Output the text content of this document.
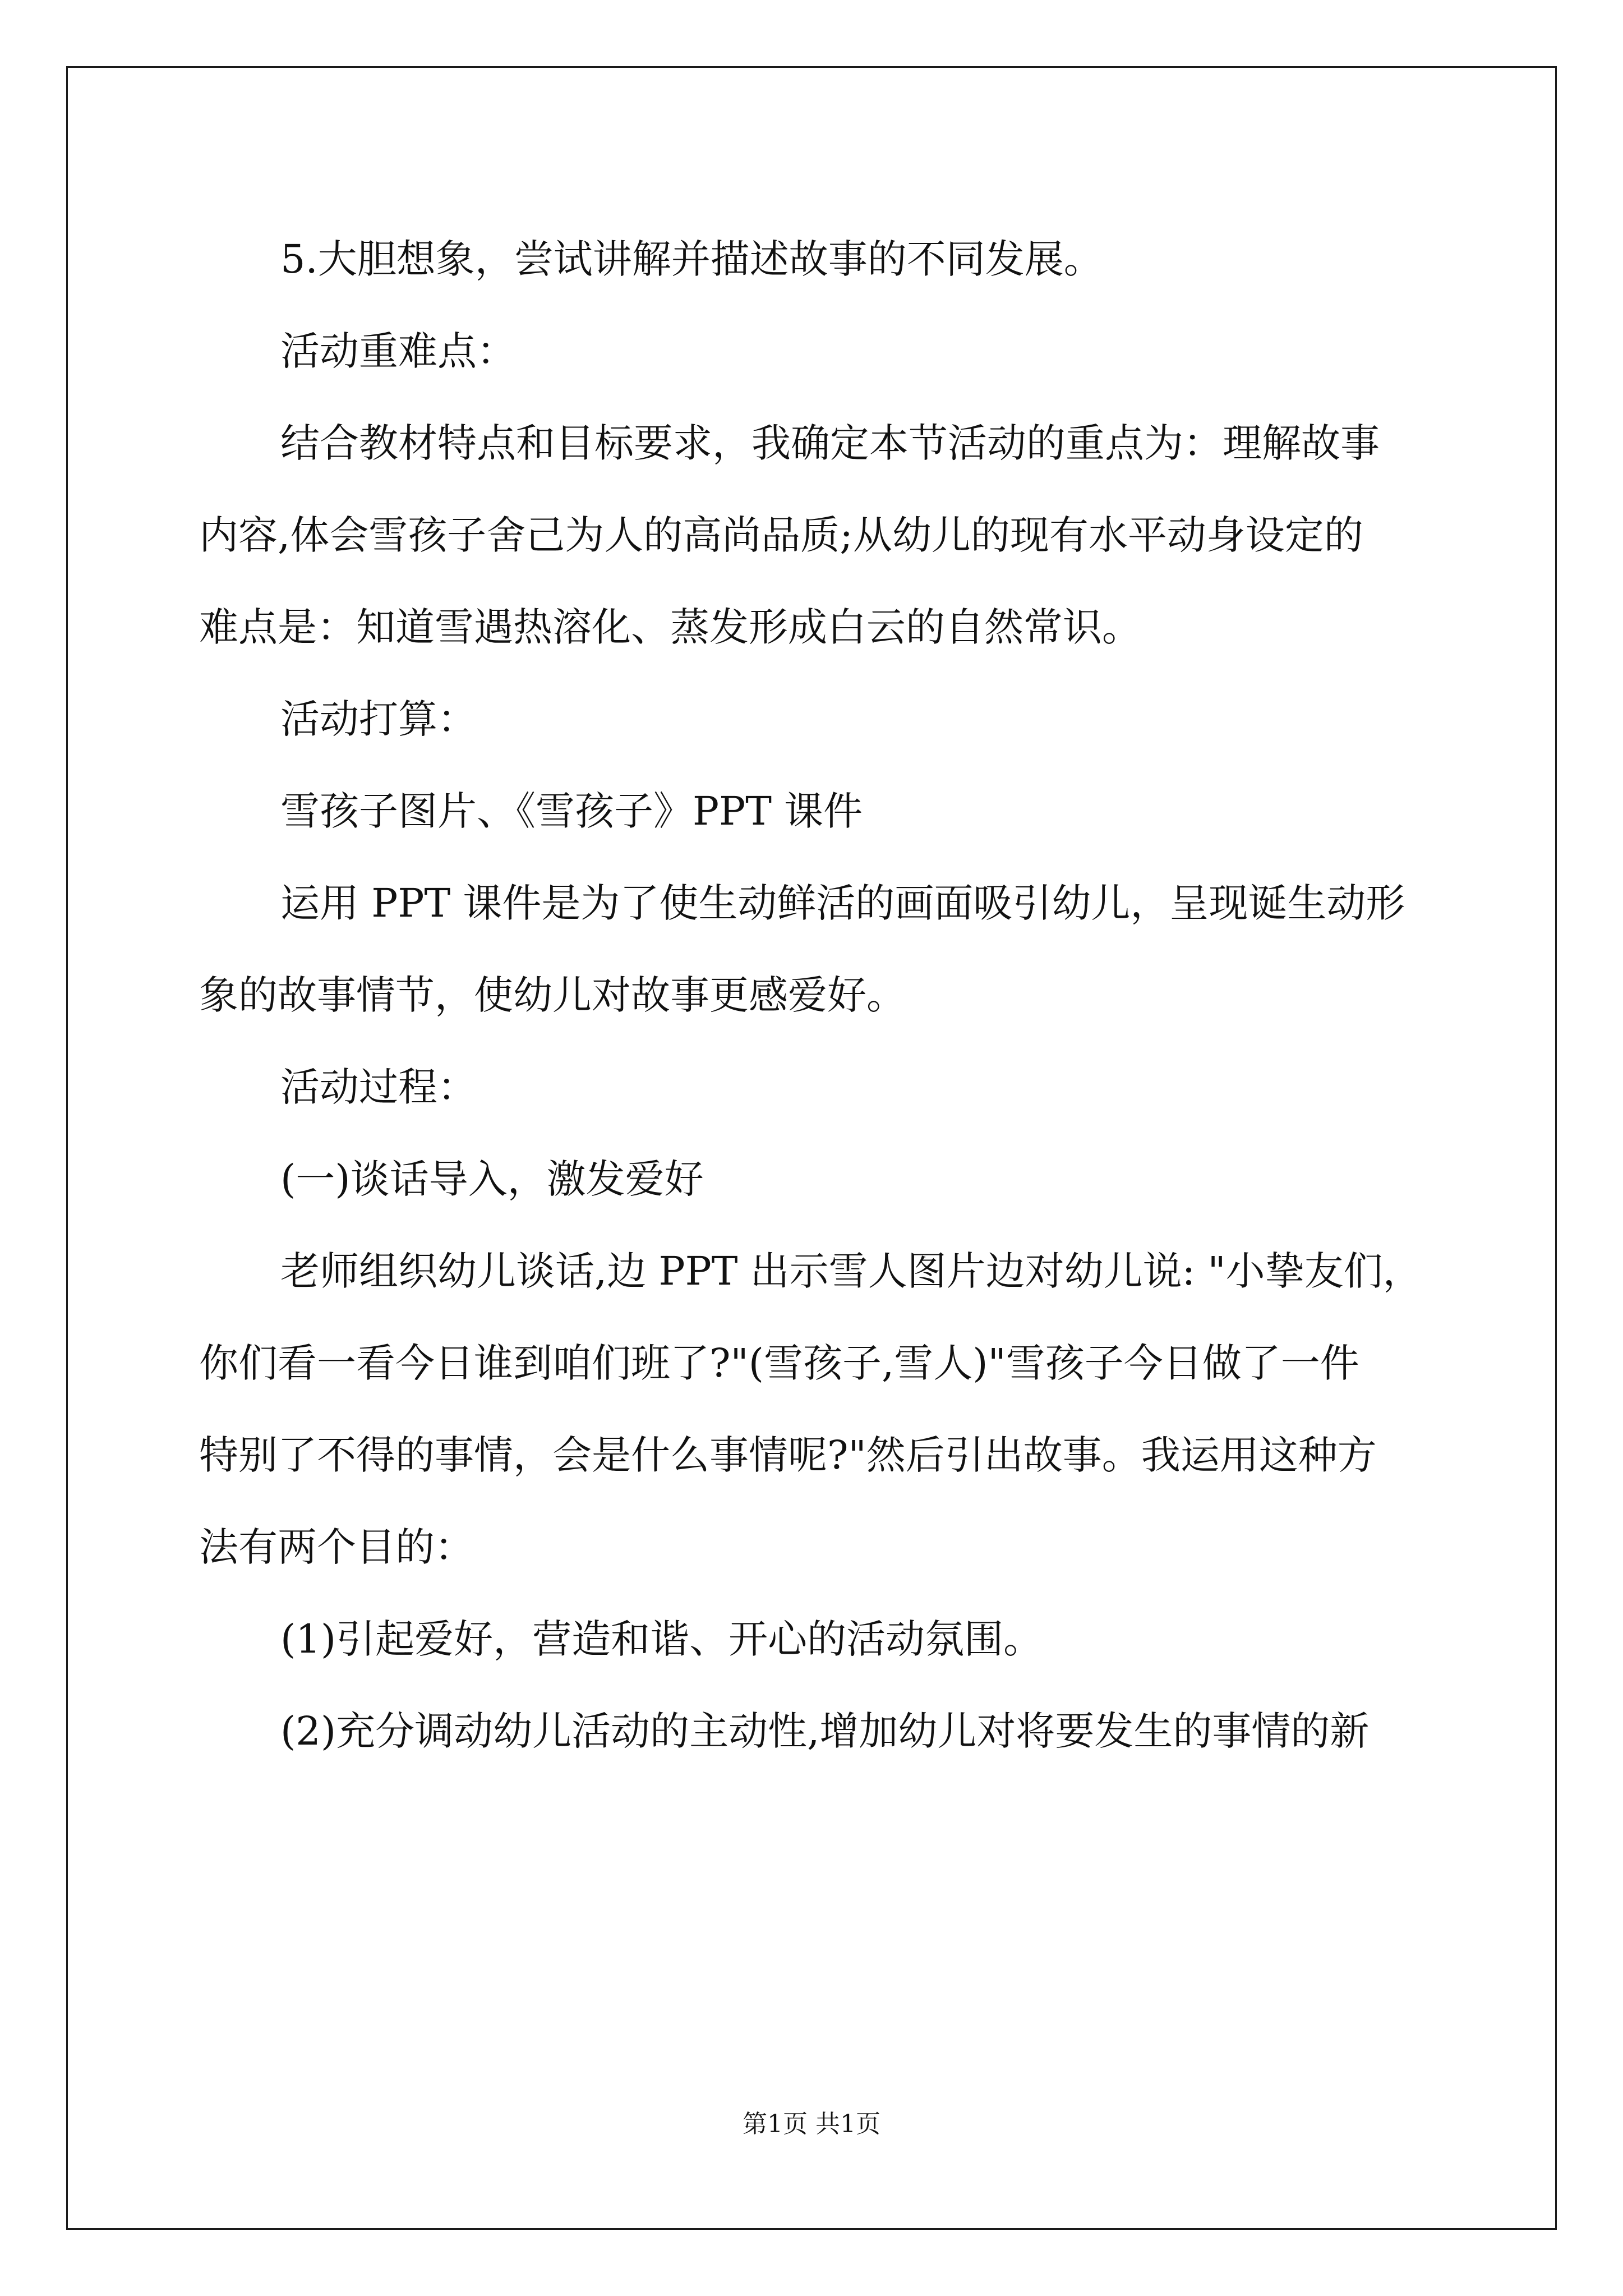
5.大胆想象，尝试讲解并描述故事的不同发展。

活动重难点：

结合教材特点和目标要求，我确定本节活动的重点为：理解故事

内容,体会雪孩子舍己为人的高尚品质;从幼儿的现有水平动身设定的

难点是：知道雪遇热溶化、蒸发形成白云的自然常识。

活动打算：

雪孩子图片、《雪孩子》PPT 课件

运用 PPT 课件是为了使生动鲜活的画面吸引幼儿，呈现诞生动形

象的故事情节，使幼儿对故事更感爱好。

活动过程：

(一)谈话导入，激发爱好

老师组织幼儿谈话,边 PPT 出示雪人图片边对幼儿说: "小挚友们，

你们看一看今日谁到咱们班了?"(雪孩子,雪人)"雪孩子今日做了一件

特别了不得的事情，会是什么事情呢?"然后引出故事。我运用这种方

法有两个目的：

(1)引起爱好，营造和谐、开心的活动氛围。

(2)充分调动幼儿活动的主动性,增加幼儿对将要发生的事情的新

第1页 共1页
